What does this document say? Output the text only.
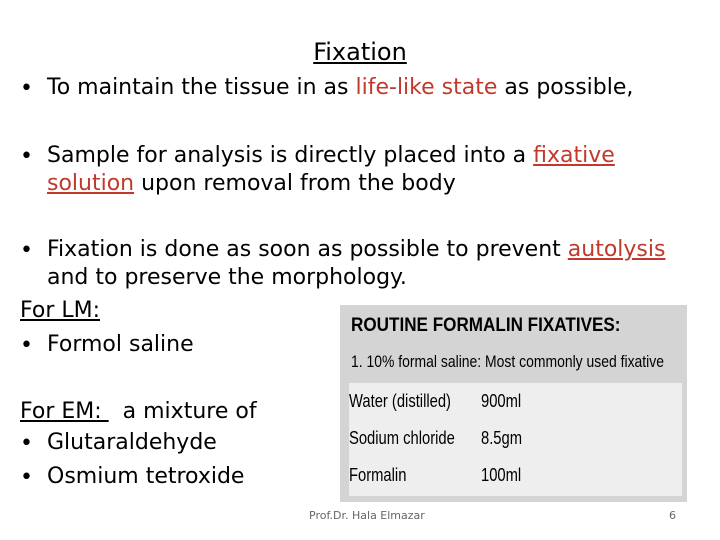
Fixation
• To maintain the tissue in as life-like state as possible,
• Sample for analysis is directly placed into a fixative
solution upon removal from the body
• Fixation is done as soon as possible to prevent autolysis
and to preserve the morphology.
For LM:
• Formol saline
For EM: a mixture of
• Glutaraldehyde
• Osmium tetroxide
ROUTINE FORMALIN FIXATIVES:
1. 10% formal saline: Most commonly used fixative
Water (distilled) 900ml
Sodium chloride 8.5gm
Formalin	100ml
Prof.Dr. Hala Elmazar	6
